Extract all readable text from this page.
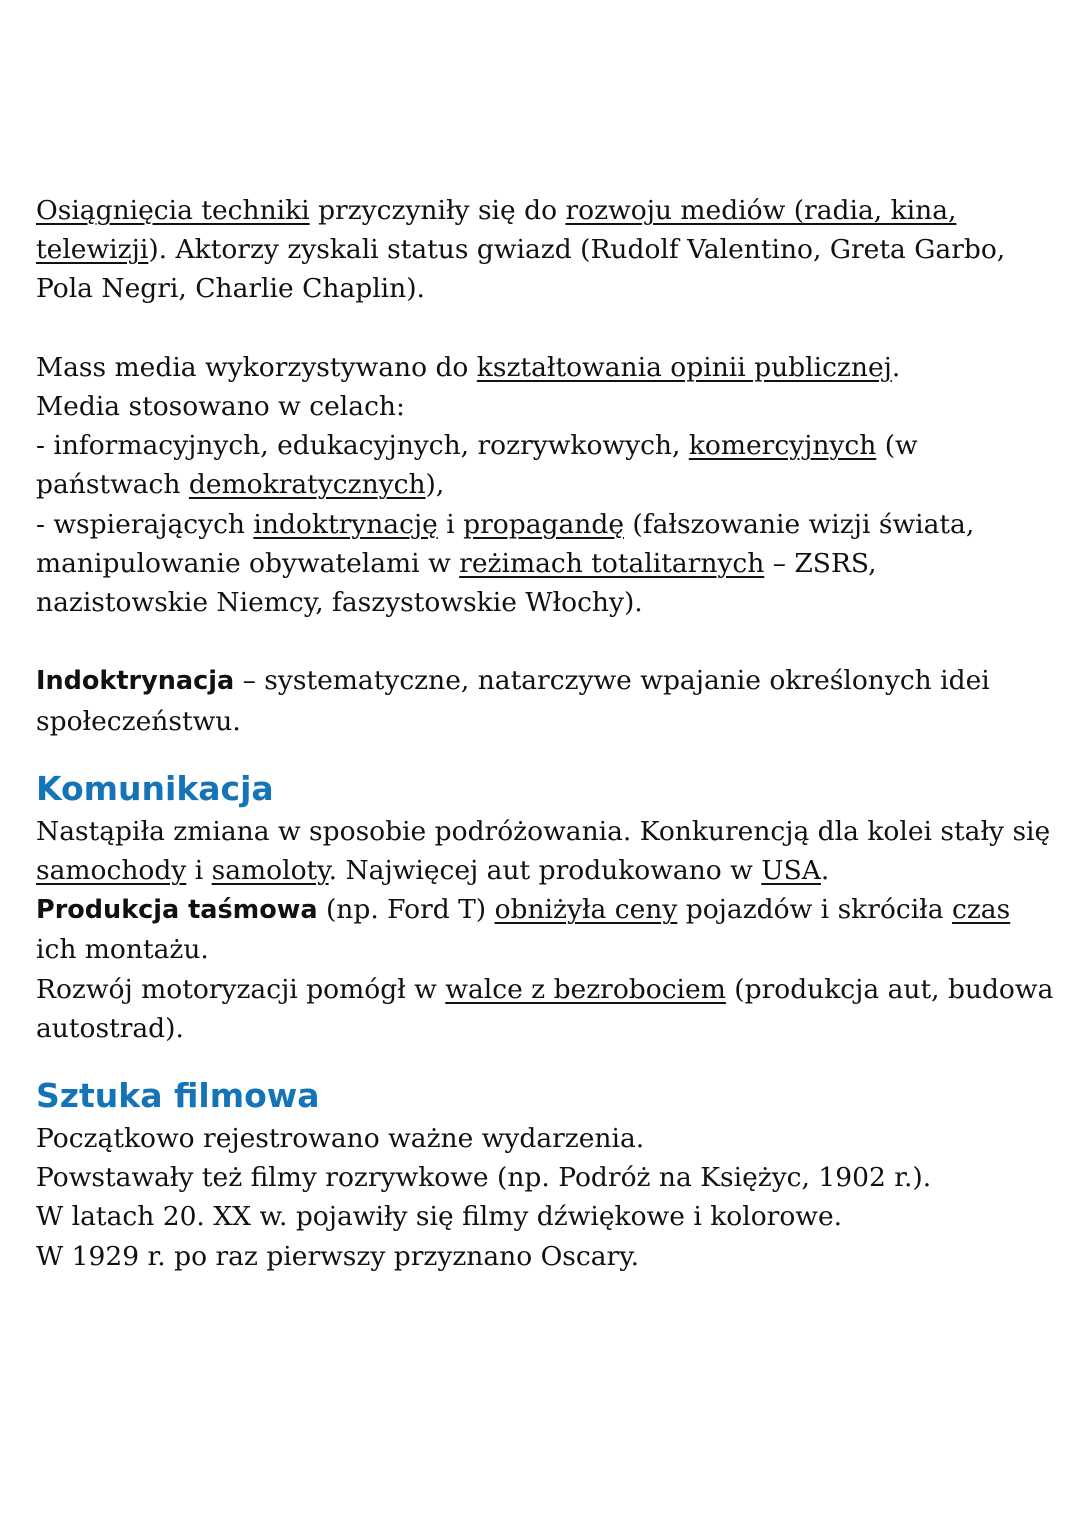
Osiągnięcia techniki przyczyniły się do rozwoju mediów (radia, kina, telewizji). Aktorzy zyskali status gwiazd (Rudolf Valentino, Greta Garbo, Pola Negri, Charlie Chaplin).

Mass media wykorzystywano do kształtowania opinii publicznej.
Media stosowano w celach:
- informacyjnych, edukacyjnych, rozrywkowych, komercyjnych (w państwach demokratycznych),
- wspierających indoktrynację i propagandę (fałszowanie wizji świata, manipulowanie obywatelami w reżimach totalitarnych – ZSRS, nazistowskie Niemcy, faszystowskie Włochy).

Indoktrynacja – systematyczne, natarczywe wpajanie określonych idei społeczeństwu.

Komunikacja

Nastąpiła zmiana w sposobie podróżowania. Konkurencją dla kolei stały się samochody i samoloty. Najwięcej aut produkowano w USA.
Produkcja taśmowa (np. Ford T) obniżyła ceny pojazdów i skróciła czas ich montażu.
Rozwój motoryzacji pomógł w walce z bezrobociem (produkcja aut, budowa autostrad).

Sztuka filmowa

Początkowo rejestrowano ważne wydarzenia.
Powstawały też filmy rozrywkowe (np. Podróż na Księżyc, 1902 r.).
W latach 20. XX w. pojawiły się filmy dźwiękowe i kolorowe.
W 1929 r. po raz pierwszy przyznano Oscary.
